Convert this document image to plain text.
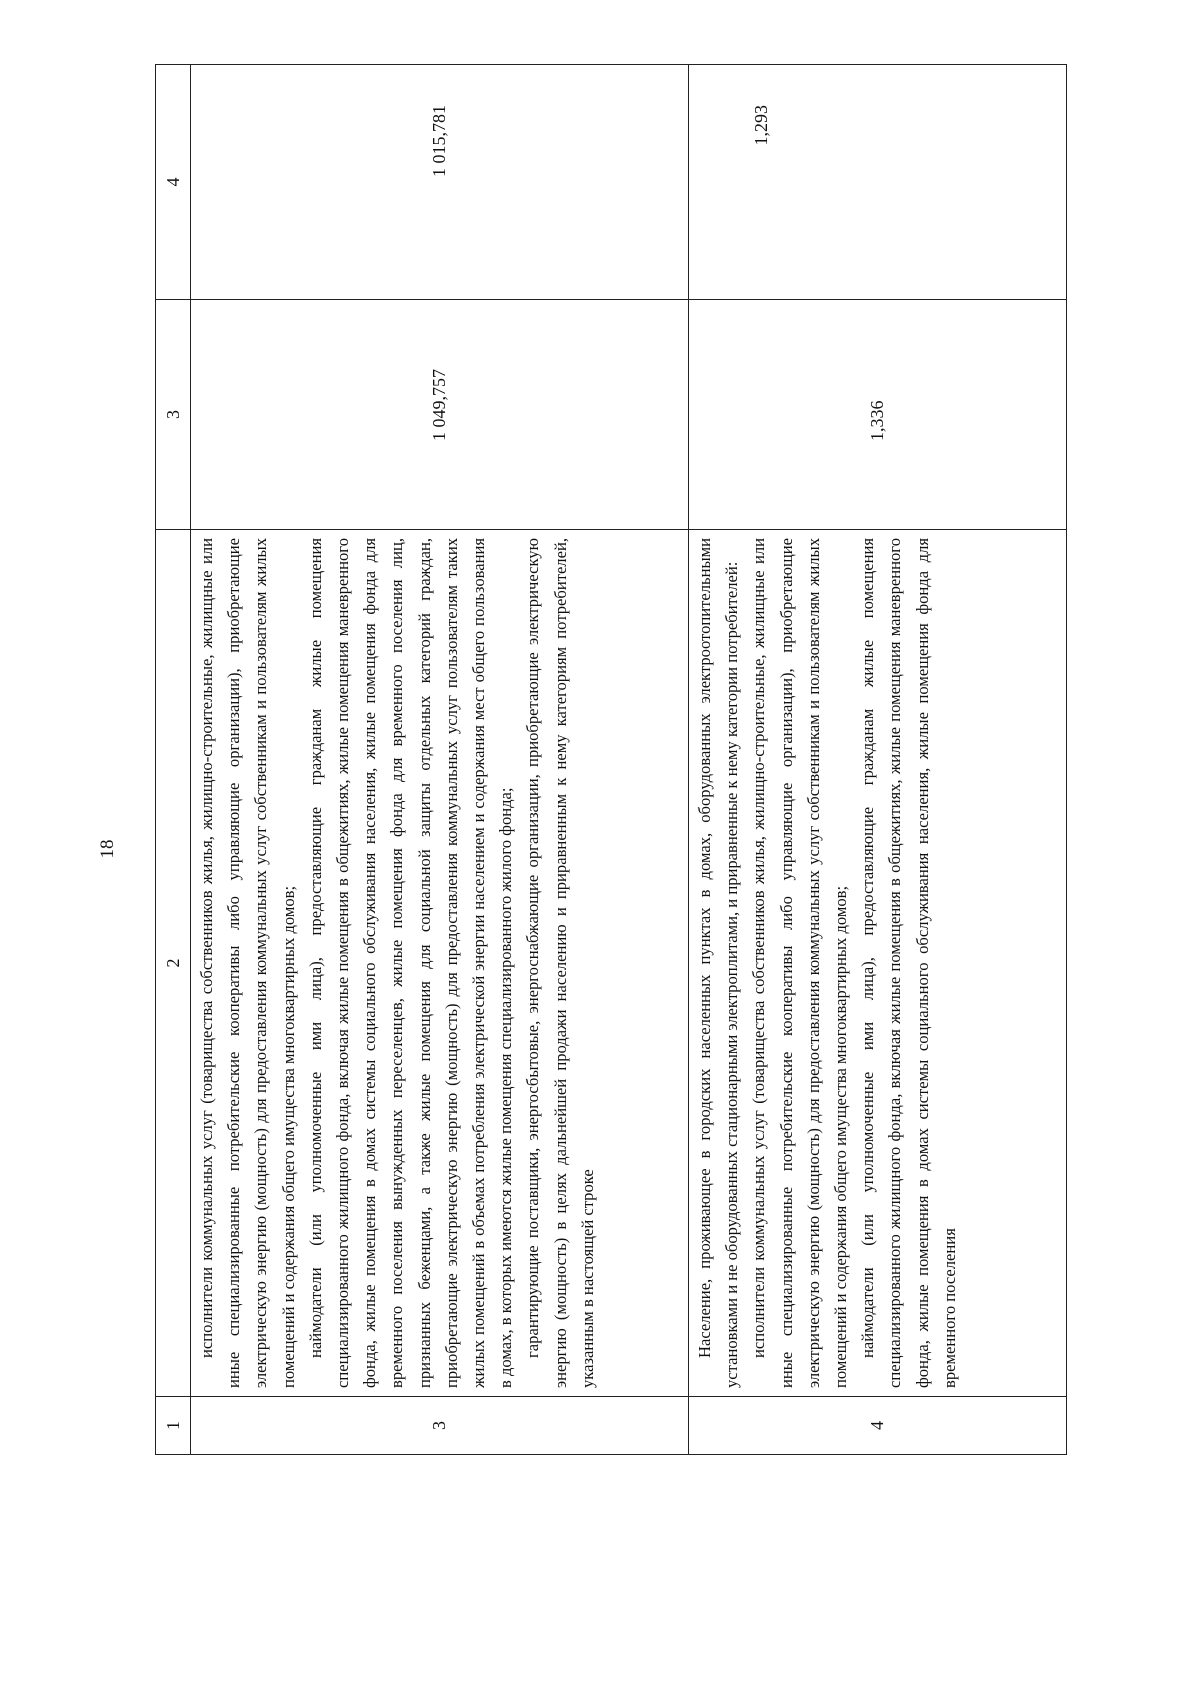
18
1	2	3	4
3	исполнители коммунальных услуг (товарищества собственников жилья, жилищно-строительные, жилищные или иные специализированные потребительские кооперативы либо управляющие организации), приобретающие электрическую энергию (мощность) для предоставления коммунальных услуг собственникам и пользователям жилых помещений и содержания общего имущества многоквартирных домов; наймодатели (или уполномоченные ими лица), предоставляющие гражданам жилые помещения специализированного жилищного фонда, включая жилые помещения в общежитиях, жилые помещения маневренного фонда, жилые помещения в домах системы социального обслуживания населения, жилые помещения фонда для временного поселения вынужденных переселенцев, жилые помещения фонда для временного поселения лиц, признанных беженцами, а также жилые помещения для социальной защиты отдельных категорий граждан, приобретающие электрическую энергию (мощность) для предоставления коммунальных услуг пользователям таких жилых помещений в объемах потребления электрической энергии населением и содержания мест общего пользования в домах, в которых имеются жилые помещения специализированного жилого фонда; гарантирующие поставщики, энергосбытовые, энергоснабжающие организации, приобретающие электрическую энергию (мощность) в целях дальнейшей продажи населению и приравненным к нему категориям потребителей, указанным в настоящей строке	1 049,757	1 015,781
4	Население, проживающее в городских населенных пунктах в домах, оборудованных электроотопительными установками и не оборудованных стационарными электроплитами, и приравненные к нему категории потребителей: исполнители коммунальных услуг (товарищества собственников жилья, жилищно-строительные, жилищные или иные специализированные потребительские кооперативы либо управляющие организации), приобретающие электрическую энергию (мощность) для предоставления коммунальных услуг собственникам и пользователям жилых помещений и содержания общего имущества многоквартирных домов; наймодатели (или уполномоченные ими лица), предоставляющие гражданам жилые помещения специализированного жилищного фонда, включая жилые помещения в общежитиях, жилые помещения маневренного фонда, жилые помещения в домах системы социального обслуживания населения, жилые помещения фонда для временного поселения	1,336	1,293
